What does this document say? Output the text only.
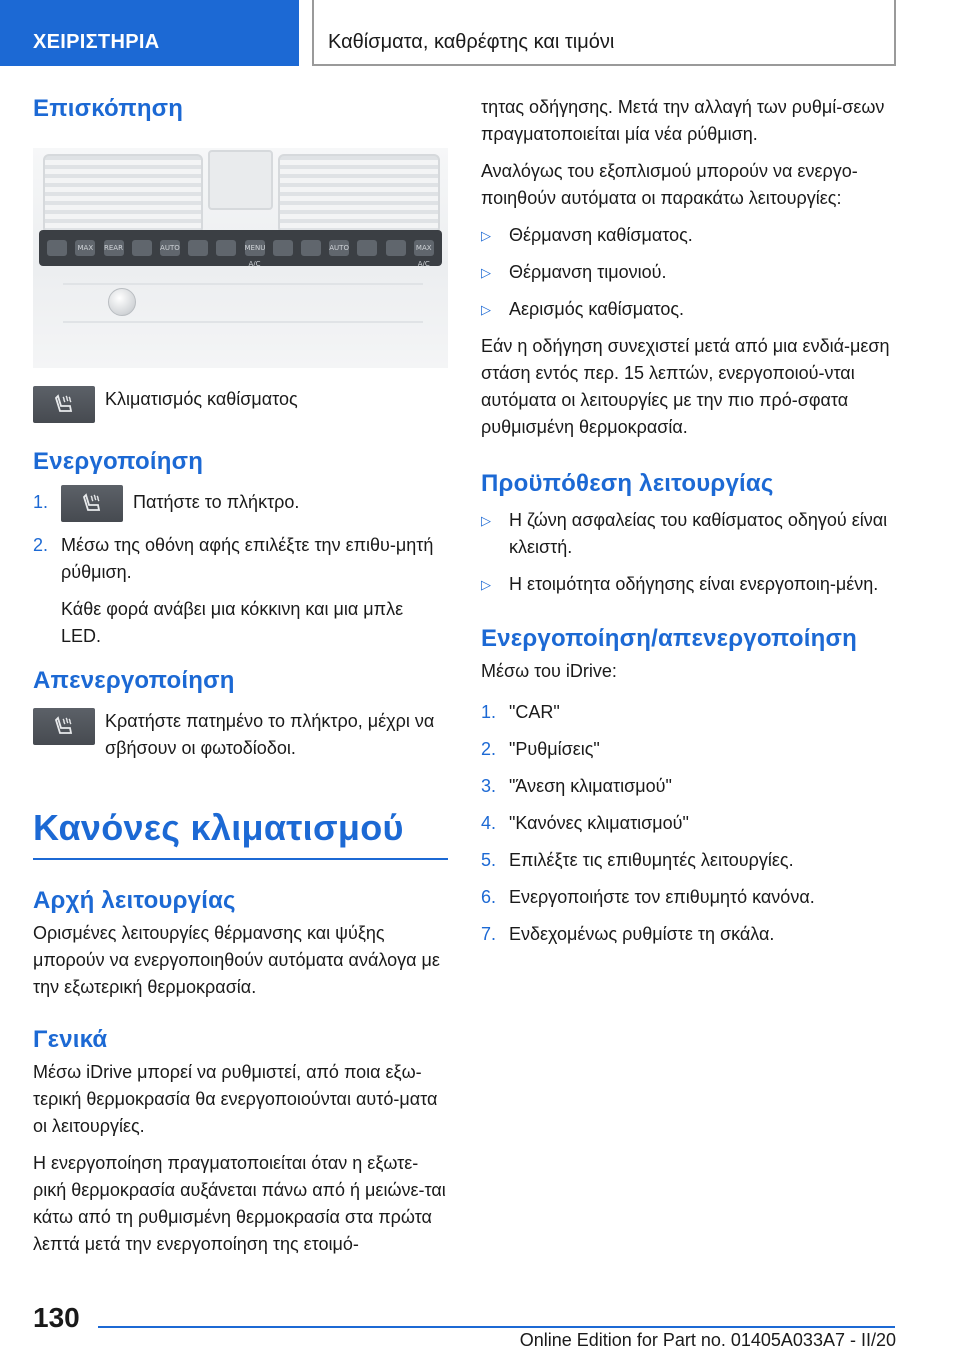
ΧΕΙΡΙΣΤΗΡΙΑ	Καθίσματα, καθρέφτης και τιμόνι
Επισκόπηση
MAX	REAR	AUTO	MENU A/C
AUTO	MAX A/C
Κλιματισμός καθίσματος
Ενεργοποίηση
1.	Πατήστε το πλήκτρο.
2. Μέσω της οθόνη αφής επιλέξτε την επιθυ-μητή ρύθμιση.
Κάθε φορά ανάβει μια κόκκινη και μια μπλε LED.
Απενεργοποίηση
Κρατήστε πατημένο το πλήκτρο, μέχρι να σβήσουν οι φωτοδίοδοι.
Κανόνες κλιματισμού
Αρχή λειτουργίας

Ορισμένες λειτουργίες θέρμανσης και ψύξης μπορούν να ενεργοποιηθούν αυτόματα ανάλογα με την εξωτερική θερμοκρασία.

Γενικά

Μέσω iDrive μπορεί να ρυθμιστεί, από ποια εξω-τερική θερμοκρασία θα ενεργοποιούνται αυτό-ματα οι λειτουργίες.

Η ενεργοποίηση πραγματοποιείται όταν η εξωτε-ρική θερμοκρασία αυξάνεται πάνω από ή μειώνε-ται κάτω από τη ρυθμισμένη θερμοκρασία στα πρώτα λεπτά μετά την ενεργοποίηση της ετοιμό-

τητας οδήγησης. Μετά την αλλαγή των ρυθμί-σεων πραγματοποιείται μία νέα ρύθμιση.

Αναλόγως του εξοπλισμού μπορούν να ενεργο-ποιηθούν αυτόματα οι παρακάτω λειτουργίες:

▷	Θέρμανση καθίσματος.
▷	Θέρμανση τιμονιού.
▷	Αερισμός καθίσματος.

Εάν η οδήγηση συνεχιστεί μετά από μια ενδιά-μεση στάση εντός περ. 15 λεπτών, ενεργοποιού-νται αυτόματα οι λειτουργίες με την πιο πρό-σφατα ρυθμισμένη θερμοκρασία.

Προϋπόθεση λειτουργίας
▷	Η ζώνη ασφαλείας του καθίσματος οδηγού είναι κλειστή.
▷	Η ετοιμότητα οδήγησης είναι ενεργοποιη-μένη.
Ενεργοποίηση/απενεργοποίηση

Μέσω του iDrive:

1. "CAR"
2. "Ρυθμίσεις"
3. "Άνεση κλιματισμού"
4. "Κανόνες κλιματισμού"
5. Επιλέξτε τις επιθυμητές λειτουργίες.
6. Ενεργοποιήστε τον επιθυμητό κανόνα.
7. Ενδεχομένως ρυθμίστε τη σκάλα.
130
Online Edition for Part no. 01405A033A7 - II/20
